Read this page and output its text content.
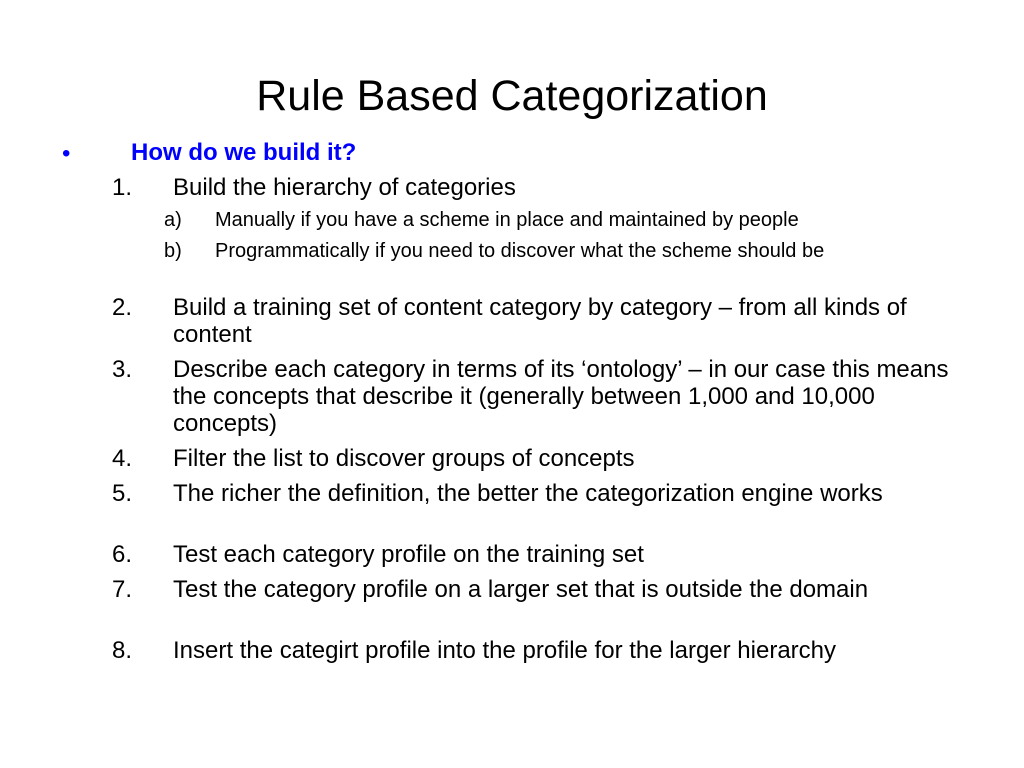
Rule Based Categorization
•	How do we build it?
1. Build the hierarchy of categories
a) Manually if you have a scheme in place and maintained by people
b) Programmatically if you need to discover what the scheme should be
2. Build a training set of content category by category – from all kinds of content
3. Describe each category in terms of its ‘ontology’ – in our case this means the concepts that describe it (generally between 1,000 and 10,000 concepts)
4. Filter the list to discover groups of concepts
5. The richer the definition, the better the categorization engine works
6. Test each category profile on the training set
7. Test the category profile on a larger set that is outside the domain
8. Insert the categirt profile into the profile for the larger hierarchy
